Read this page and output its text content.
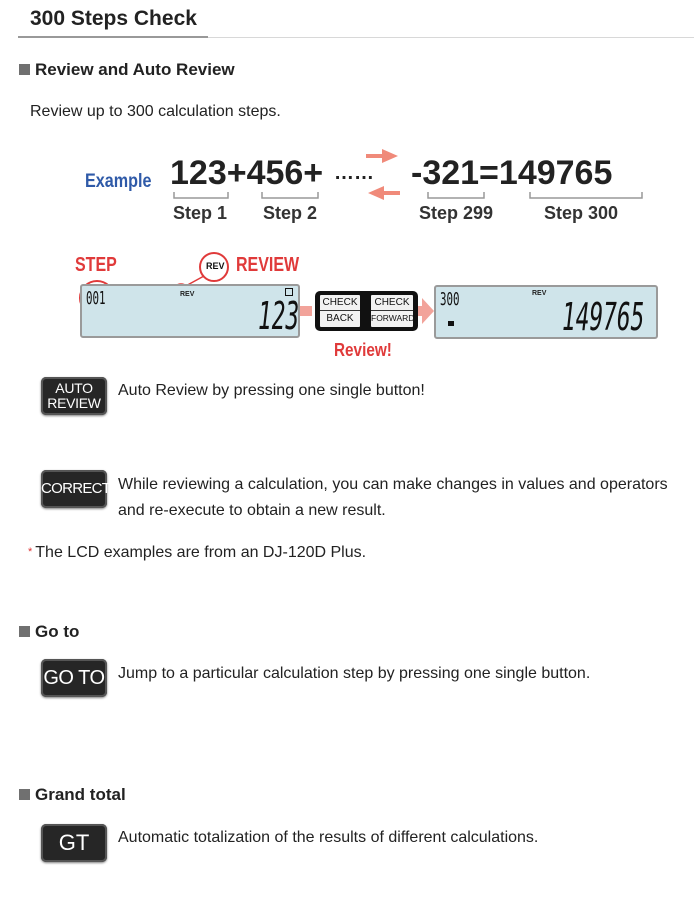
300 Steps Check
Review and Auto Review
Review up to 300 calculation steps.
Example 123+456+ …… -321=149765
Step 1 Step 2	Step 299	Step 300
STEP	REV REVIEW
001	REV 123	CHECK
BACK
CHECK
FORWARD
300	REV
149765
Review!
AUTO
REVIEW
Auto Review by pressing one single button!
CORRECT While reviewing a calculation, you can make changes in values and operators and re-execute to obtain a new result.
* The LCD examples are from an DJ-120D Plus.
Go to
GO TO Jump to a particular calculation step by pressing one single button.
Grand total
GT	Automatic totalization of the results of different calculations.
